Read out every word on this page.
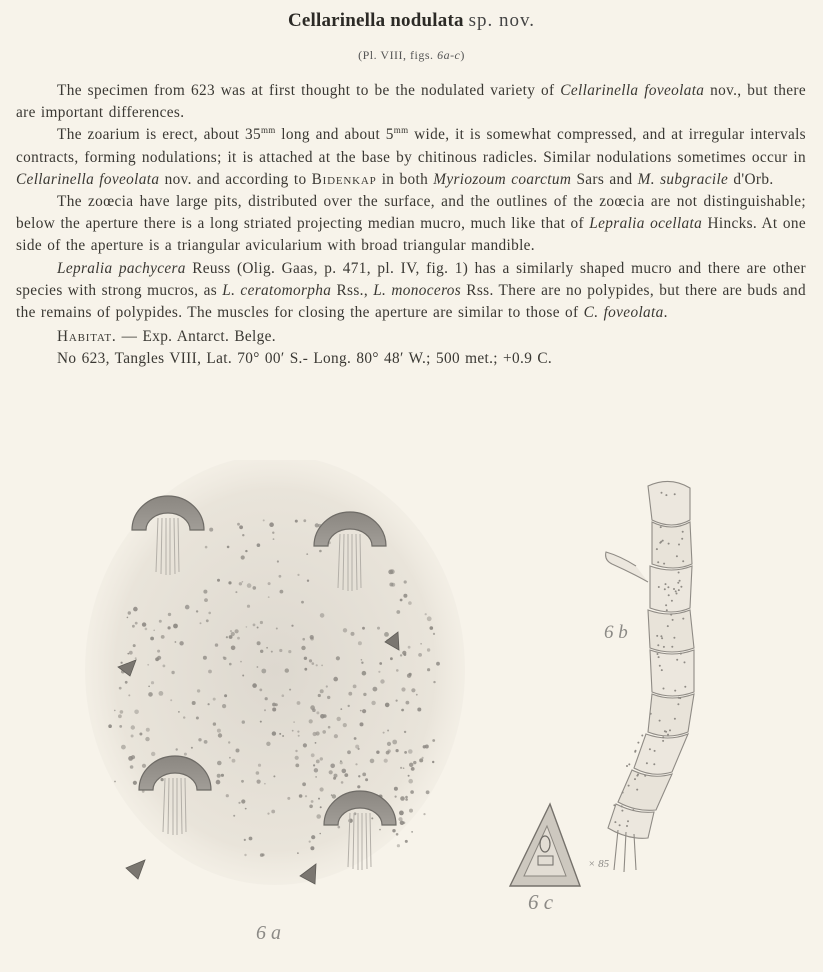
Cellarinella nodulata sp. nov.
(Pl. VIII, figs. 6a-c)

The specimen from 623 was at first thought to be the nodulated variety of Cellarinella foveolata nov., but there are important differences.

The zoarium is erect, about $35^{mm}$ long and about $5^{mm}$ wide, it is somewhat compressed, and at irregular intervals contracts, forming nodulations; it is attached at the base by chitinous radicles. Similar nodulations sometimes occur in Cellarinella foveolata nov. and according to Bidenkap in both Myriozoum coarctum Sars and M. subgracile d'Orb.

The zoœcia have large pits, distributed over the surface, and the outlines of the zoœcia are not distinguishable; below the aperture there is a long striated projecting median mucro, much like that of Lepralia ocellata Hincks. At one side of the aperture is a triangular avicularium with broad triangular mandible.

Lepralia pachycera Reuss (Olig. Gaas, p. 471, pl. IV, fig. 1) has a similarly shaped mucro and there are other species with strong mucros, as L. ceratomorpha Rss., L. monoceros Rss. There are no polypides, but there are buds and the remains of polypides. The muscles for closing the aperture are similar to those of C. foveolata.

Habitat. — Exp. Antarct. Belge.

No 623, Tangles VIII, Lat. 70° 00′ S.- Long. 80° 48′ W.; 500 met.; +0.9 C.

6 a
6 b
6 c
× 85
